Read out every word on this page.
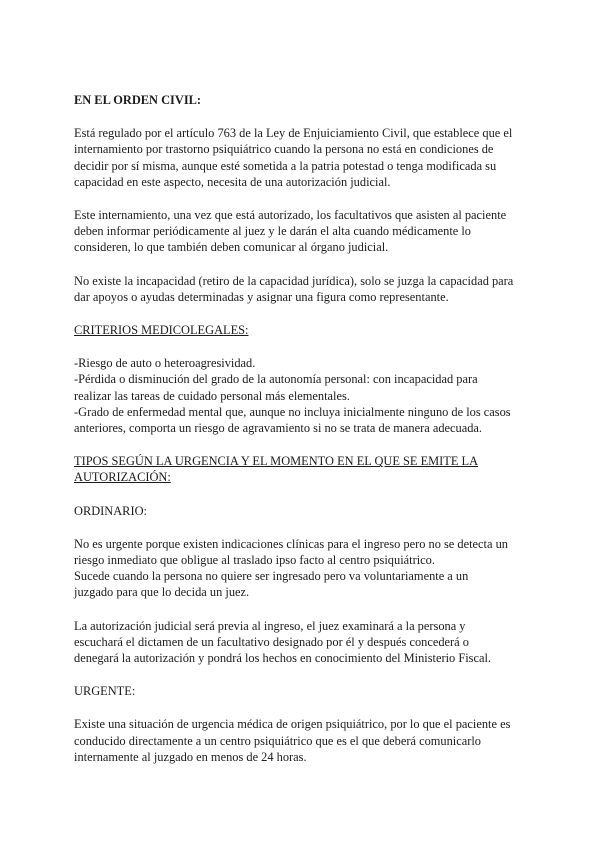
EN EL ORDEN CIVIL:
Está regulado por el artículo 763 de la Ley de Enjuiciamiento Civil, que establece que el
internamiento por trastorno psiquiátrico cuando la persona no está en condiciones de
decidir por sí misma, aunque esté sometida a la patria potestad o tenga modificada su
capacidad en este aspecto, necesita de una autorización judicial.
Este internamiento, una vez que está autorizado, los facultativos que asisten al paciente
deben informar periódicamente al juez y le darán el alta cuando médicamente lo
consideren, lo que también deben comunicar al órgano judicial.
No existe la incapacidad (retiro de la capacidad jurídica), solo se juzga la capacidad para
dar apoyos o ayudas determinadas y asignar una figura como representante.
CRITERIOS MEDICOLEGALES:
-Riesgo de auto o heteroagresividad.
-Pérdida o disminución del grado de la autonomía personal: con incapacidad para
realizar las tareas de cuidado personal más elementales.
-Grado de enfermedad mental que, aunque no incluya inicialmente ninguno de los casos
anteriores, comporta un riesgo de agravamiento si no se trata de manera adecuada.
TIPOS SEGÚN LA URGENCIA Y EL MOMENTO EN EL QUE SE EMITE LA
AUTORIZACIÓN:
ORDINARIO:
No es urgente porque existen indicaciones clínicas para el ingreso pero no se detecta un
riesgo inmediato que obligue al traslado ipso facto al centro psiquiátrico.
Sucede cuando la persona no quiere ser ingresado pero va voluntariamente a un
juzgado para que lo decida un juez.
La autorización judicial será previa al ingreso, el juez examinará a la persona y
escuchará el dictamen de un facultativo designado por él y después concederá o
denegará la autorización y pondrá los hechos en conocimiento del Ministerio Fiscal.
URGENTE:
Existe una situación de urgencia médica de origen psiquiátrico, por lo que el paciente es
conducido directamente a un centro psiquiátrico que es el que deberá comunicarlo
internamente al juzgado en menos de 24 horas.
